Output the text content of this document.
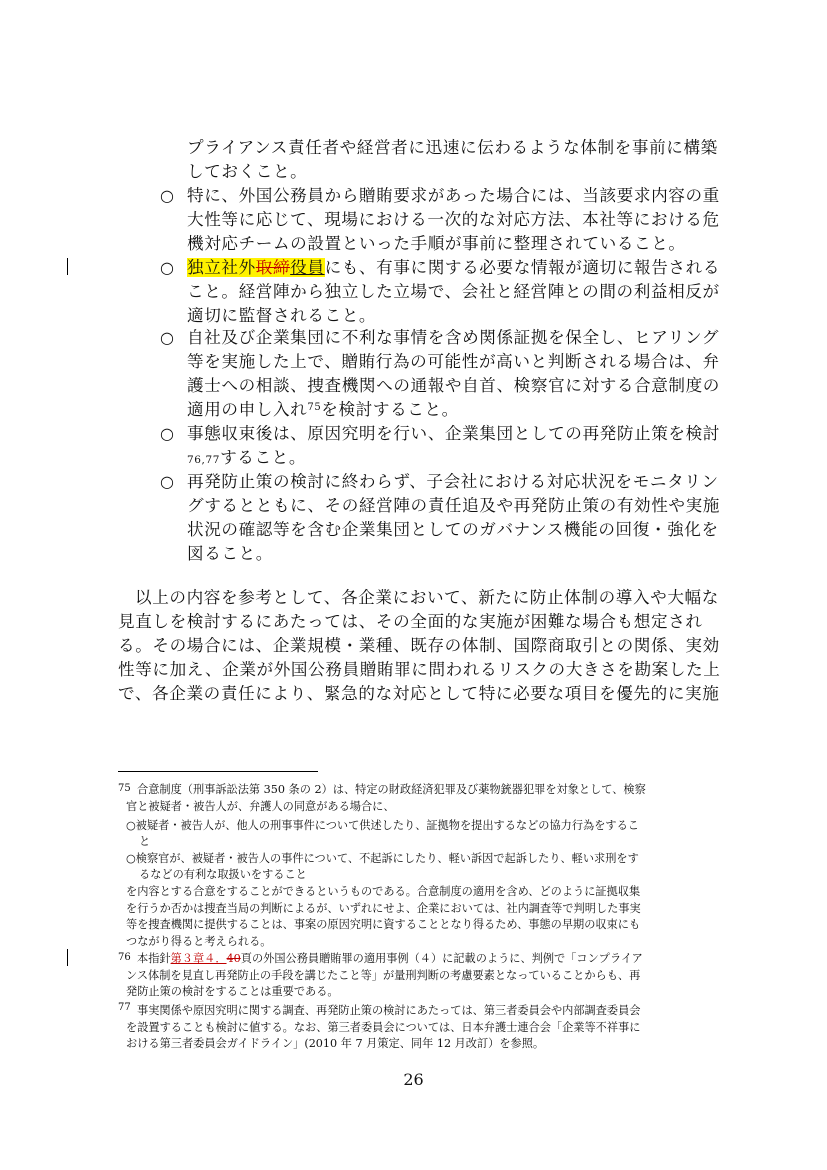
プライアンス責任者や経営者に迅速に伝わるような体制を事前に構築
しておくこと。
○ 特に、外国公務員から贈賄要求があった場合には、当該要求内容の重
大性等に応じて、現場における一次的な対応方法、本社等における危
機対応チームの設置といった手順が事前に整理されていること。
○ 独立社外取締役員にも、有事に関する必要な情報が適切に報告される
こと。経営陣から独立した立場で、会社と経営陣との間の利益相反が
適切に監督されること。
○ 自社及び企業集団に不利な事情を含め関係証拠を保全し、ヒアリング
等を実施した上で、贈賄行為の可能性が高いと判断される場合は、弁
護士への相談、捜査機関への通報や自首、検察官に対する合意制度の
適用の申し入れ$^{75}$を検討すること。
○ 事態収束後は、原因究明を行い、企業集団としての再発防止策を検討
76,77すること。
○ 再発防止策の検討に終わらず、子会社における対応状況をモニタリン
グするとともに、その経営陣の責任追及や再発防止策の有効性や実施
状況の確認等を含む企業集団としてのガバナンス機能の回復・強化を
図ること。
以上の内容を参考として、各企業において、新たに防止体制の導入や大幅な
見直しを検討するにあたっては、その全面的な実施が困難な場合も想定され
る。その場合には、企業規模・業種、既存の体制、国際商取引との関係、実効
性等に加え、企業が外国公務員贈賄罪に問われるリスクの大きさを勘案した上
で、各企業の責任により、緊急的な対応として特に必要な項目を優先的に実施
75 合意制度（刑事訴訟法第 350 条の 2）は、特定の財政経済犯罪及び薬物銃器犯罪を対象として、検察
官と被疑者・被告人が、弁護人の同意がある場合に、
○被疑者・被告人が、他人の刑事事件について供述したり、証拠物を提出するなどの協力行為をするこ
と
○検察官が、被疑者・被告人の事件について、不起訴にしたり、軽い訴因で起訴したり、軽い求刑をす
るなどの有利な取扱いをすること
を内容とする合意をすることができるというものである。合意制度の適用を含め、どのように証拠収集
を行うか否かは捜査当局の判断によるが、いずれにせよ、企業においては、社内調査等で判明した事実
等を捜査機関に提供することは、事案の原因究明に資することとなり得るため、事態の早期の収束にも
つながり得ると考えられる。
76 本指針第３章４．40頁の外国公務員贈賄罪の適用事例（４）に記載のように、判例で「コンプライア
ンス体制を見直し再発防止の手段を講じたこと等」が量刑判断の考慮要素となっていることからも、再
発防止策の検討をすることは重要である。
77 事実関係や原因究明に関する調査、再発防止策の検討にあたっては、第三者委員会や内部調査委員会
を設置することも検討に値する。なお、第三者委員会については、日本弁護士連合会「企業等不祥事に
おける第三者委員会ガイドライン」(2010 年 7 月策定、同年 12 月改訂）を参照。
26
